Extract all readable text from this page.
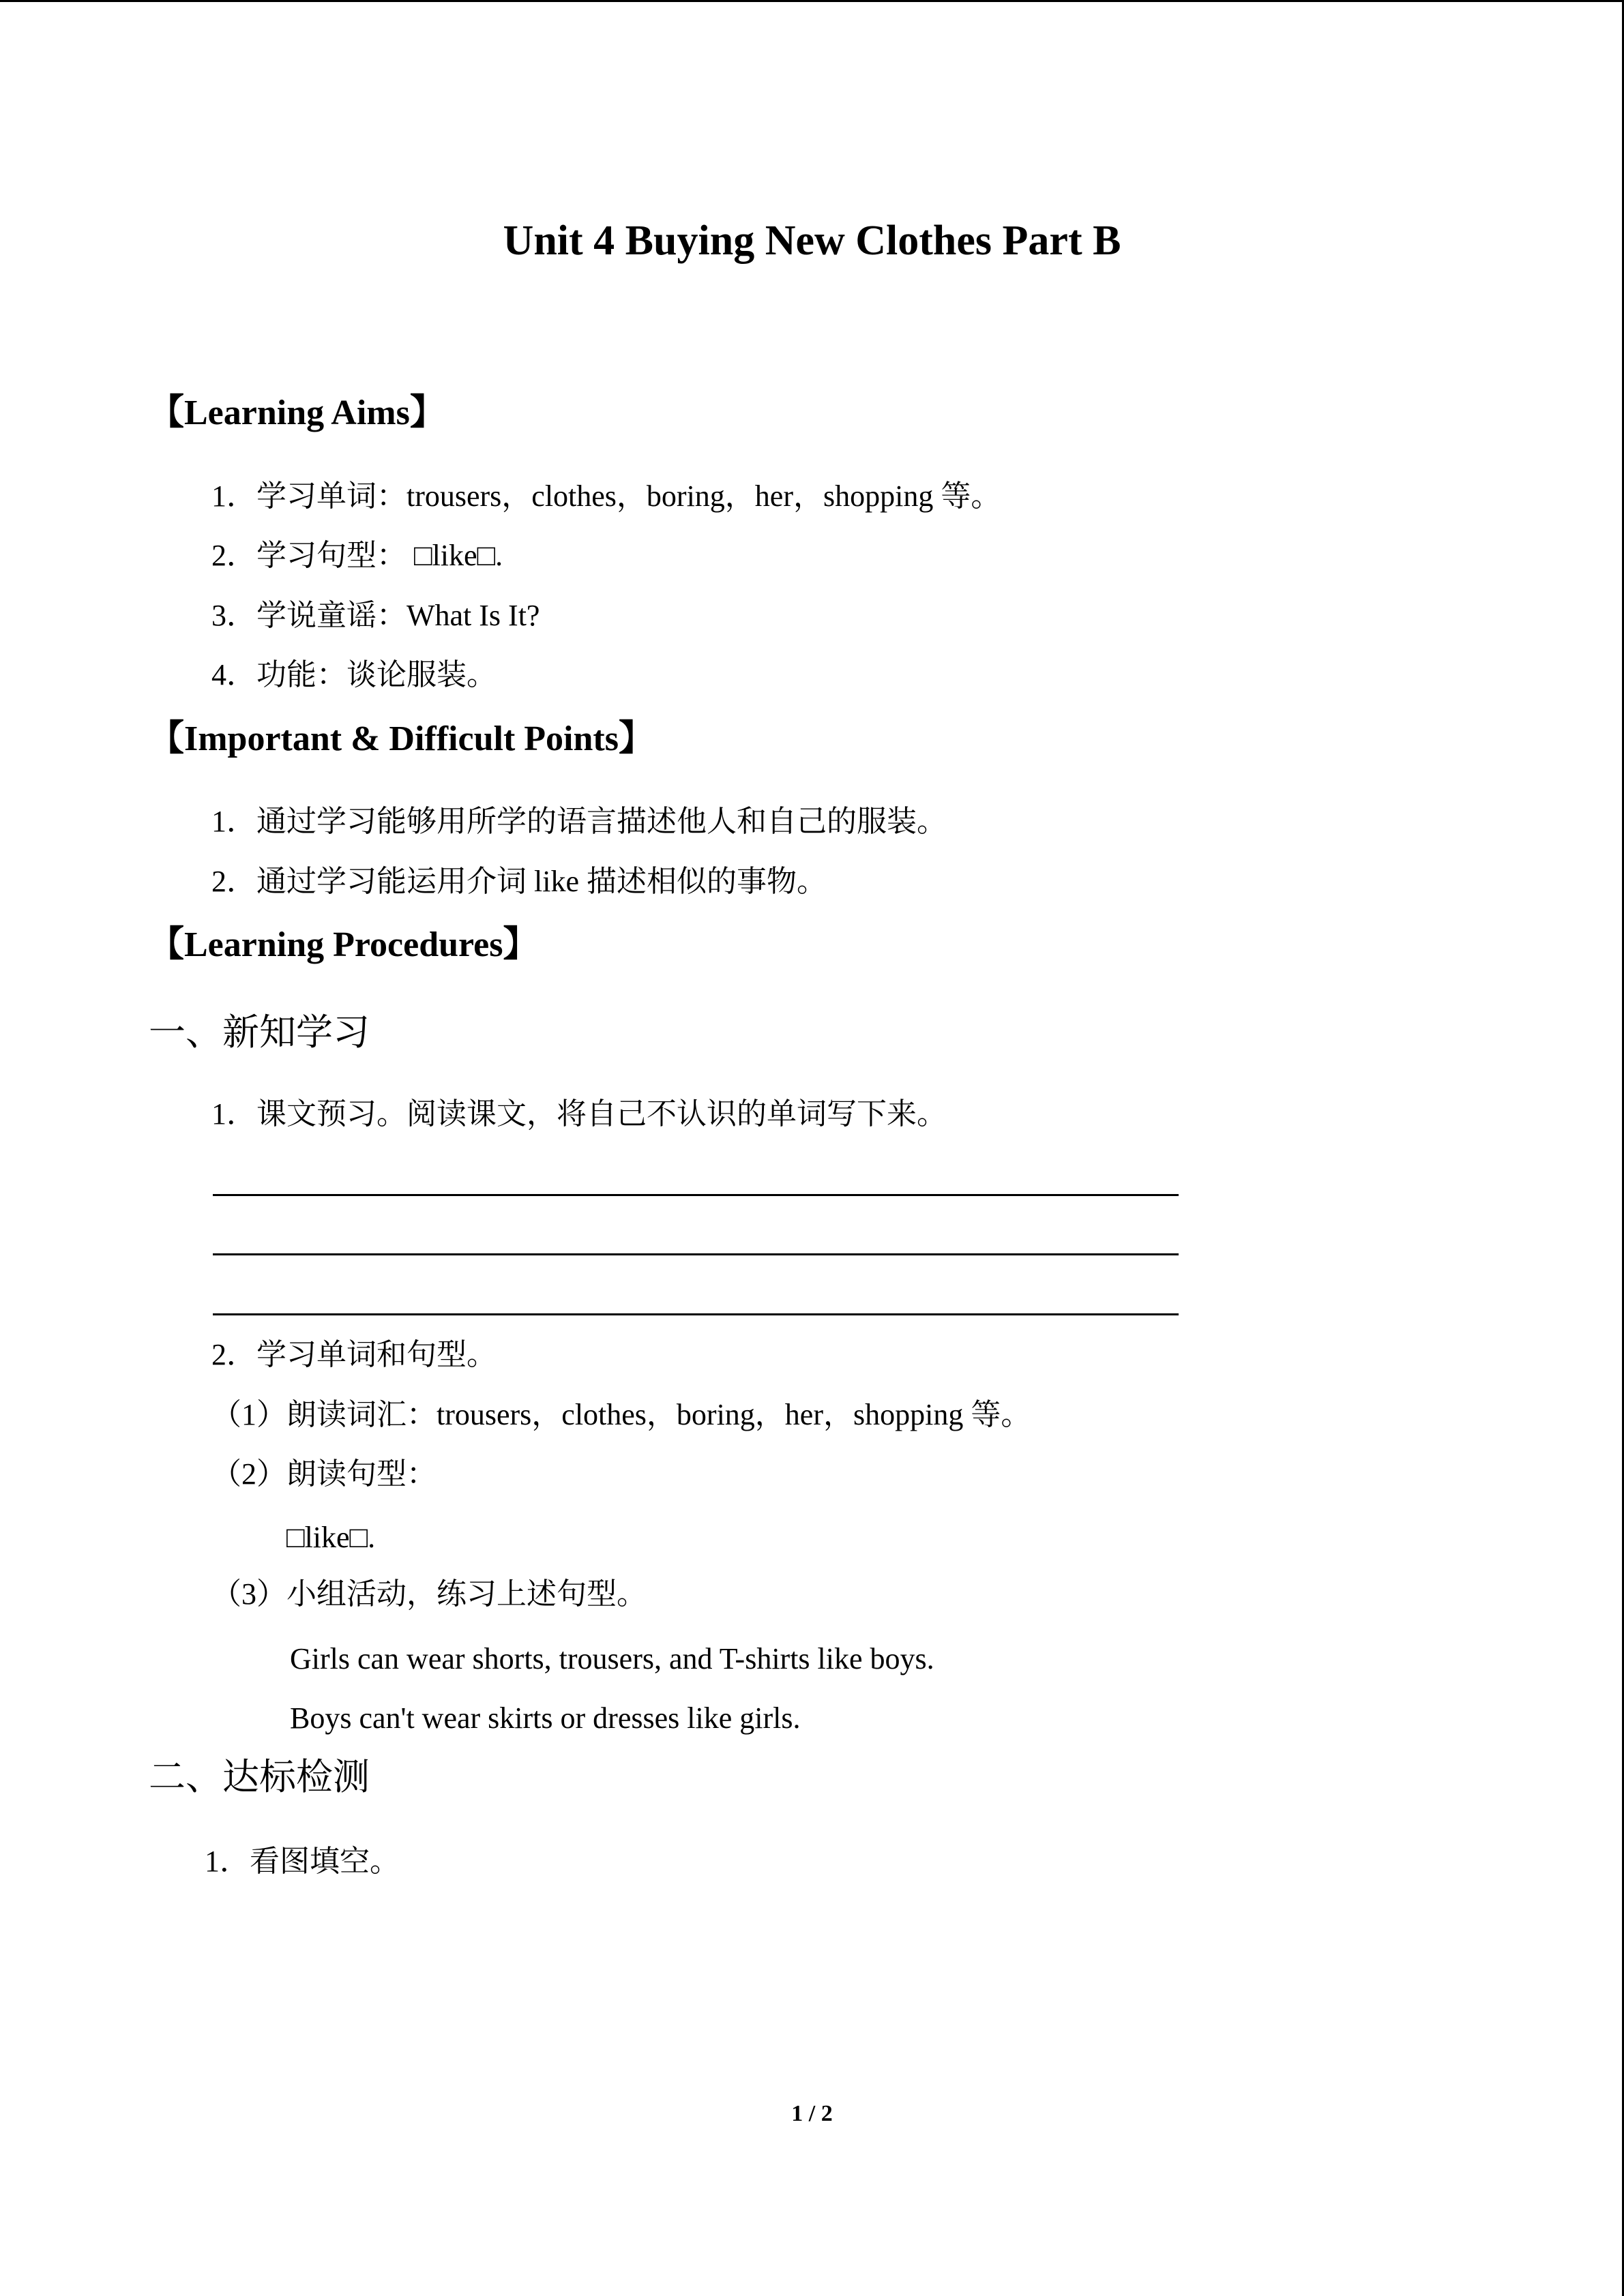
Unit 4 Buying New Clothes Part B
【Learning Aims】
1．学习单词：trousers，clothes，boring，her，shopping 等。
2．学习句型： □like□.
3．学说童谣：What Is It?
4．功能：谈论服装。
【Important & Difficult Points】
1．通过学习能够用所学的语言描述他人和自己的服装。
2．通过学习能运用介词 like 描述相似的事物。
【Learning Procedures】
一、新知学习
1．课文预习。阅读课文，将自己不认识的单词写下来。
2．学习单词和句型。
（1）朗读词汇：trousers，clothes，boring，her，shopping 等。
（2）朗读句型：
□like□.
（3）小组活动，练习上述句型。
Girls can wear shorts, trousers, and T-shirts like boys.
Boys can't wear skirts or dresses like girls.
二、达标检测
1．看图填空。
1 / 2
